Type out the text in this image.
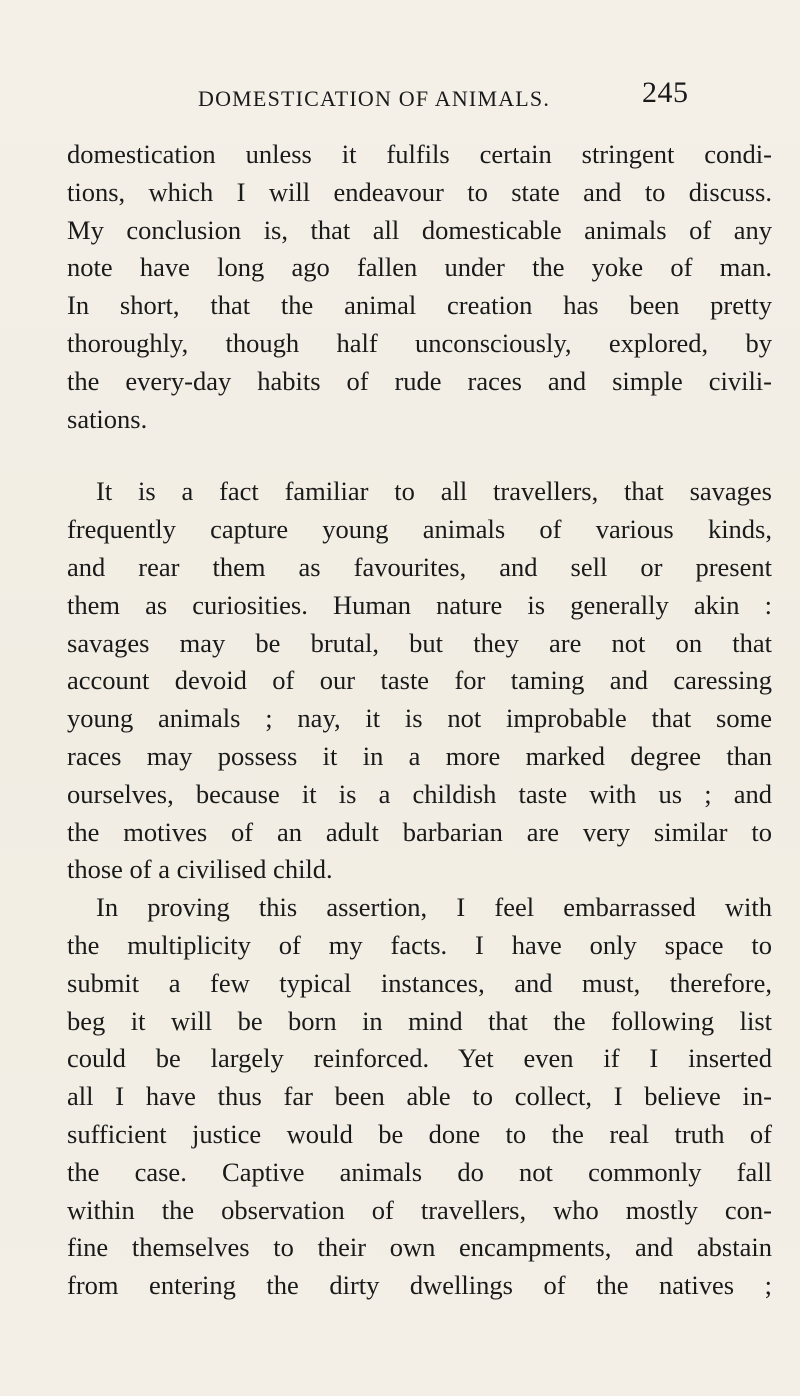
DOMESTICATION OF ANIMALS.	245
domestication unless it fulfils certain stringent condi-
tions, which I will endeavour to state and to discuss.
My conclusion is, that all domesticable animals of any
note have long ago fallen under the yoke of man.
In short, that the animal creation has been pretty
thoroughly, though half unconsciously, explored, by
the every-day habits of rude races and simple civili-
sations.
It is a fact familiar to all travellers, that savages
frequently capture young animals of various kinds,
and rear them as favourites, and sell or present
them as curiosities. Human nature is generally akin :
savages may be brutal, but they are not on that
account devoid of our taste for taming and caressing
young animals ; nay, it is not improbable that some
races may possess it in a more marked degree than
ourselves, because it is a childish taste with us ; and
the motives of an adult barbarian are very similar to
those of a civilised child.
In proving this assertion, I feel embarrassed with
the multiplicity of my facts. I have only space to
submit a few typical instances, and must, therefore,
beg it will be born in mind that the following list
could be largely reinforced. Yet even if I inserted
all I have thus far been able to collect, I believe in-
sufficient justice would be done to the real truth of
the case. Captive animals do not commonly fall
within the observation of travellers, who mostly con-
fine themselves to their own encampments, and abstain
from entering the dirty dwellings of the natives ;
